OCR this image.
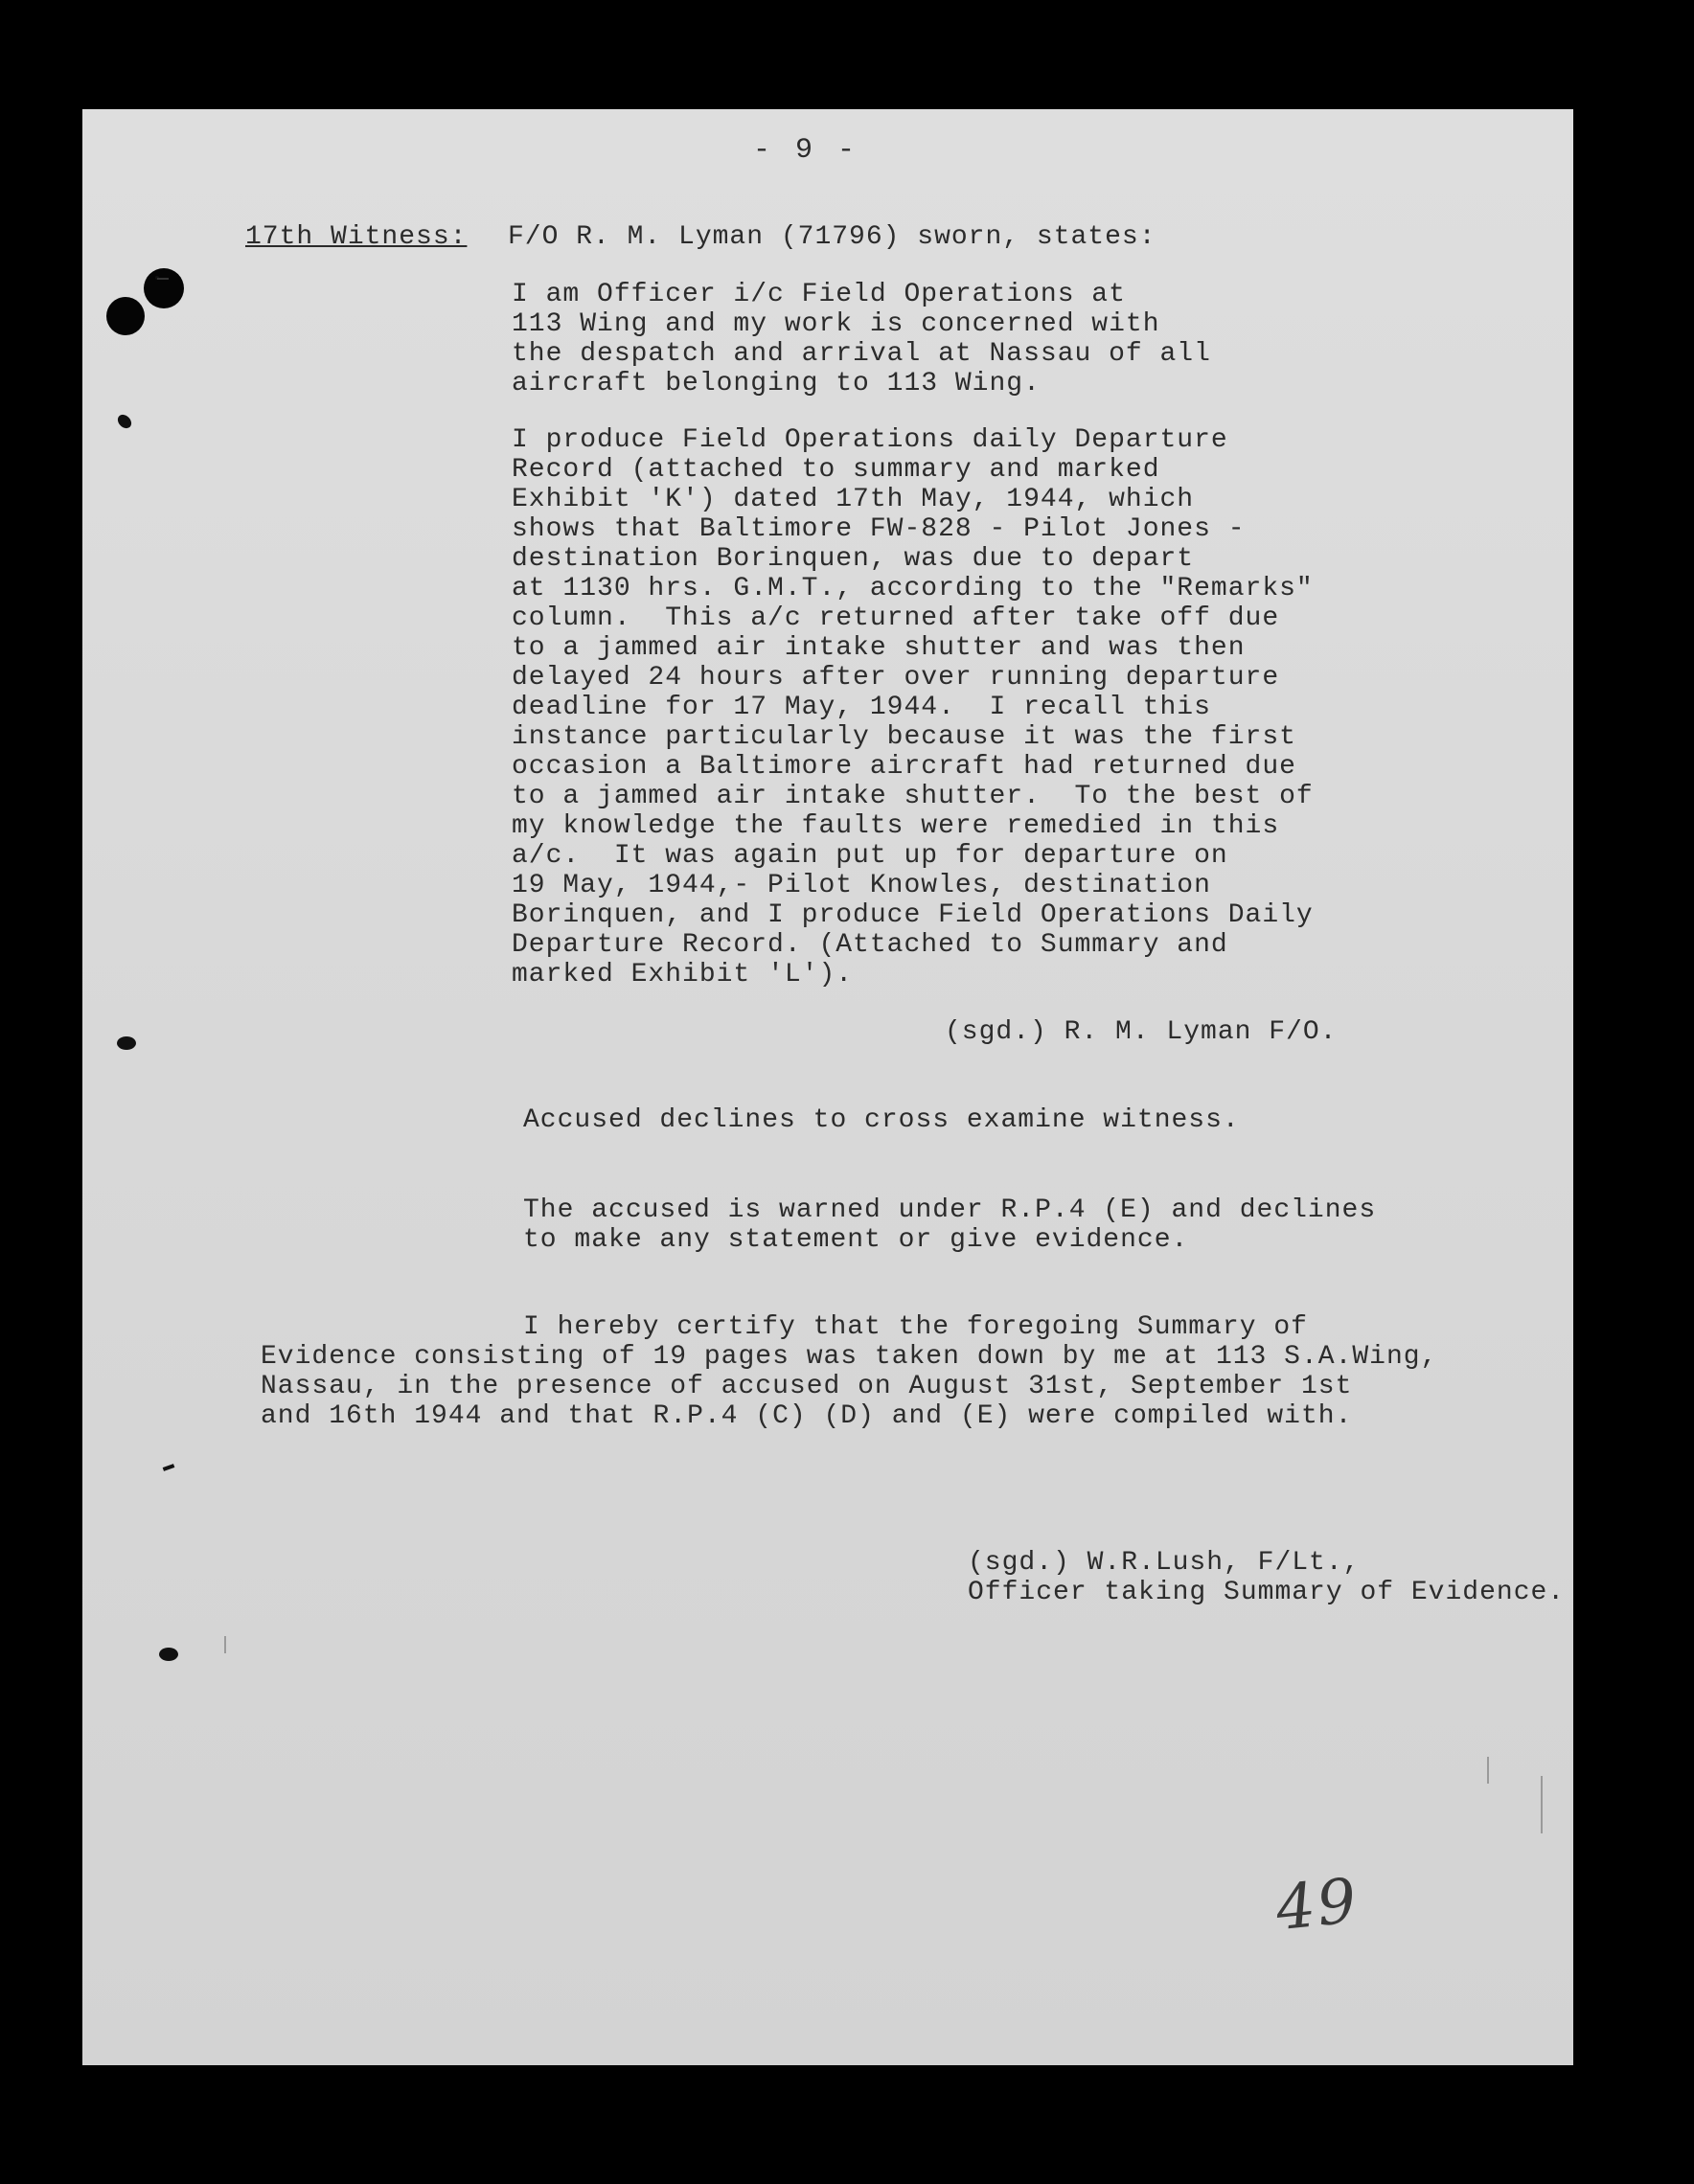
- 9 -
17th Witness: F/O R. M. Lyman (71796) sworn, states:
I am Officer i/c Field Operations at
113 Wing and my work is concerned with
the despatch and arrival at Nassau of all
aircraft belonging to 113 Wing.
I produce Field Operations daily Departure
Record (attached to summary and marked
Exhibit 'K') dated 17th May, 1944, which
shows that Baltimore FW-828 - Pilot Jones -
destination Borinquen, was due to depart
at 1130 hrs. G.M.T., according to the "Remarks"
column.  This a/c returned after take off due
to a jammed air intake shutter and was then
delayed 24 hours after over running departure
deadline for 17 May, 1944.  I recall this
instance particularly because it was the first
occasion a Baltimore aircraft had returned due
to a jammed air intake shutter.  To the best of
my knowledge the faults were remedied in this
a/c.  It was again put up for departure on
19 May, 1944,- Pilot Knowles, destination
Borinquen, and I produce Field Operations Daily
Departure Record. (Attached to Summary and
marked Exhibit 'L').
(sgd.) R. M. Lyman F/O.
Accused declines to cross examine witness.
The accused is warned under R.P.4 (E) and declines
to make any statement or give evidence.
I hereby certify that the foregoing Summary of
Evidence consisting of 19 pages was taken down by me at 113 S.A.Wing,
Nassau, in the presence of accused on August 31st, September 1st
and 16th 1944 and that R.P.4 (C) (D) and (E) were compiled with.
(sgd.) W.R.Lush, F/Lt.,
Officer taking Summary of Evidence.
49
